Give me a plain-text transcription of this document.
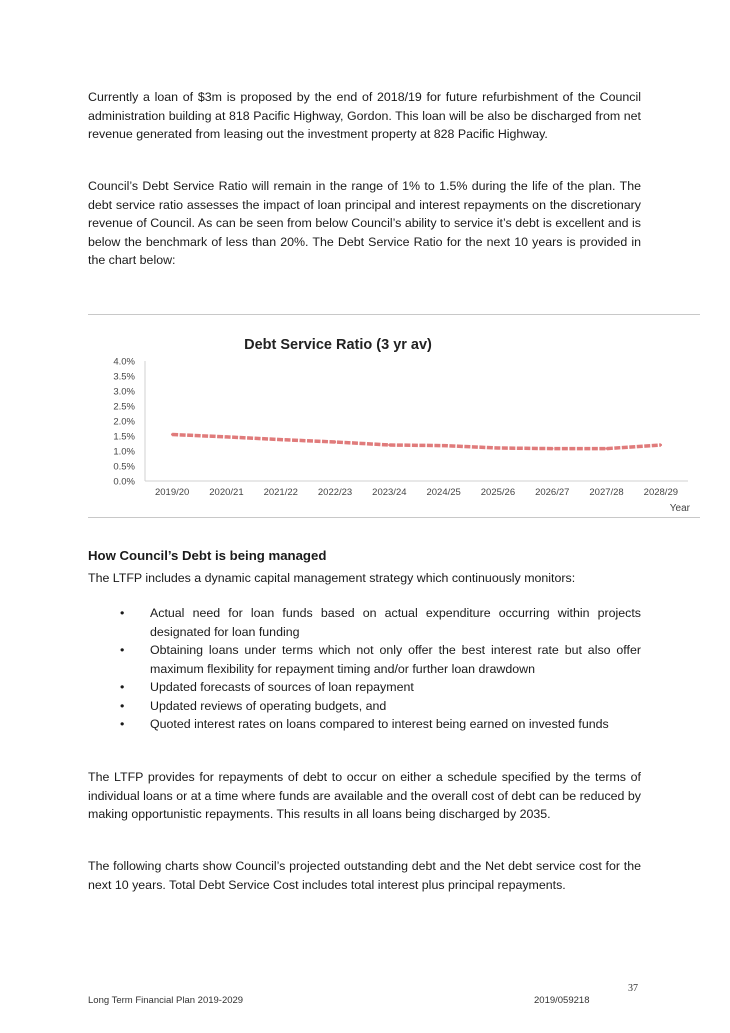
Currently a loan of $3m is proposed by the end of 2018/19 for future refurbishment of the Council administration building at 818 Pacific Highway, Gordon. This loan will be also be discharged from net revenue generated from leasing out the investment property at 828 Pacific Highway.

Council’s Debt Service Ratio will remain in the range of 1% to 1.5% during the life of the plan. The debt service ratio assesses the impact of loan principal and interest repayments on the discretionary revenue of Council. As can be seen from below Council’s ability to service it’s debt is excellent and is below the benchmark of less than 20%. The Debt Service Ratio for the next 10 years is provided in the chart below:

Debt Service Ratio (3 yr av)
0.0%
0.5%
1.0%
1.5%
2.0%
2.5%
3.0%
3.5%
4.0%
2019/20 2020/21 2021/22 2022/23 2023/24 2024/25 2025/26 2026/27 2027/28 2028/29
Year
How Council’s Debt is being managed

The LTFP includes a dynamic capital management strategy which continuously monitors:

• Actual need for loan funds based on actual expenditure occurring within projects designated for loan funding
• Obtaining loans under terms which not only offer the best interest rate but also offer maximum flexibility for repayment timing and/or further loan drawdown
• Updated forecasts of sources of loan repayment
• Updated reviews of operating budgets, and
• Quoted interest rates on loans compared to interest being earned on invested funds

The LTFP provides for repayments of debt to occur on either a schedule specified by the terms of individual loans or at a time where funds are available and the overall cost of debt can be reduced by making opportunistic repayments. This results in all loans being discharged by 2035.

The following charts show Council’s projected outstanding debt and the Net debt service cost for the next 10 years. Total Debt Service Cost includes total interest plus principal repayments.

37
Long Term Financial Plan 2019-2029	2019/059218
